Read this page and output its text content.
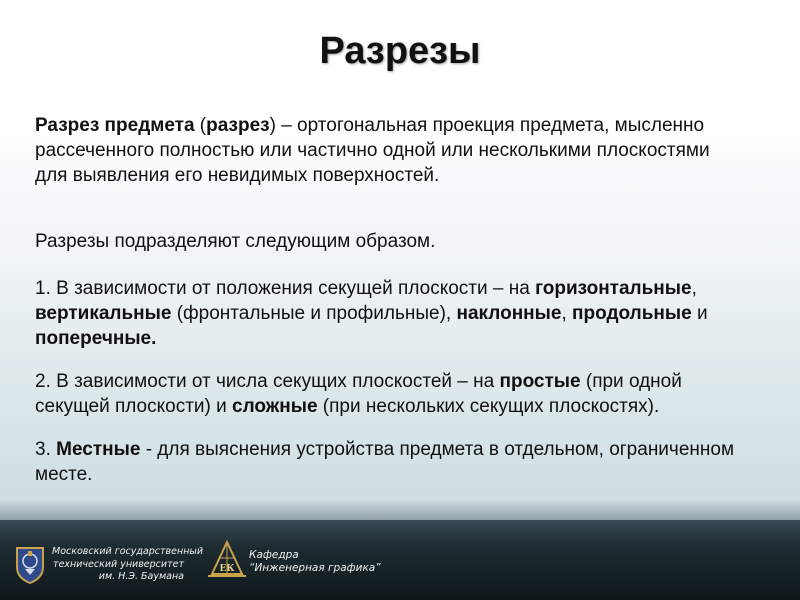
Разрезы

Разрез предмета (разрез) – ортогональная проекция предмета, мысленно рассеченного полностью или частично одной или несколькими плоскостями для выявления его невидимых поверхностей.

Разрезы подразделяют следующим образом.

1. В зависимости от положения секущей плоскости – на горизонтальные, вертикальные (фронтальные и профильные), наклонные, продольные и поперечные.

2. В зависимости от числа секущих плоскостей – на простые (при одной секущей плоскости) и сложные (при нескольких секущих плоскостях).

3. Местные - для выяснения устройства предмета в отдельном, ограниченном месте.

Московский государственный
технический университет
им. Н.Э. Баумана
ЕК
Кафедра
“Инженерная графика”
